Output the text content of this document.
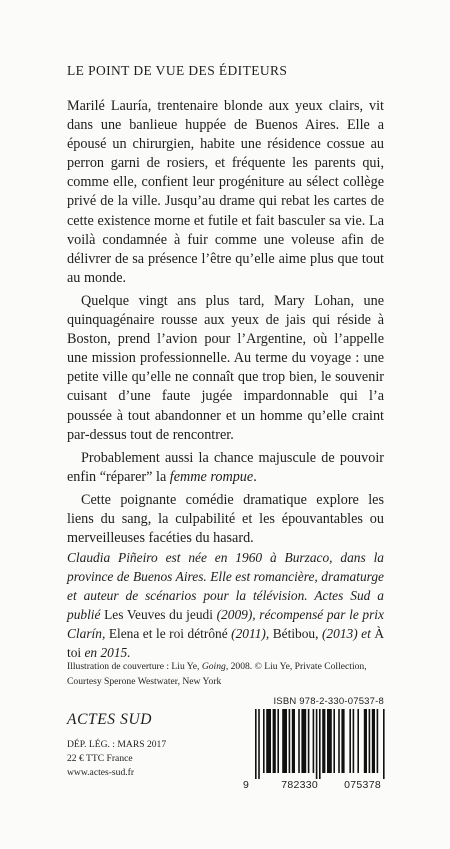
LE POINT DE VUE DES ÉDITEURS

Marilé Lauría, trentenaire blonde aux yeux clairs, vit dans une banlieue huppée de Buenos Aires. Elle a épousé un chirurgien, habite une résidence cossue au perron garni de rosiers, et fréquente les parents qui, comme elle, confient leur progéniture au sélect collège privé de la ville. Jusqu’au drame qui rebat les cartes de cette existence morne et futile et fait basculer sa vie. La voilà condamnée à fuir comme une voleuse afin de délivrer de sa présence l’être qu’elle aime plus que tout au monde.

Quelque vingt ans plus tard, Mary Lohan, une quinquagénaire rousse aux yeux de jais qui réside à Boston, prend l’avion pour l’Argentine, où l’appelle une mission professionnelle. Au terme du voyage : une petite ville qu’elle ne connaît que trop bien, le souvenir cuisant d’une faute jugée impardonnable qui l’a poussée à tout abandonner et un homme qu’elle craint par-dessus tout de rencontrer.

Probablement aussi la chance majuscule de pouvoir enfin “réparer” la femme rompue.

Cette poignante comédie dramatique explore les liens du sang, la culpabilité et les épouvantables ou merveilleuses facéties du hasard.

Claudia Piñeiro est née en 1960 à Burzaco, dans la province de Buenos Aires. Elle est romancière, dramaturge et auteur de scénarios pour la télévision. Actes Sud a publié Les Veuves du jeudi (2009), récompensé par le prix Clarín, Elena et le roi détrôné (2011), Bétibou, (2013) et À toi en 2015.
Illustration de couverture : Liu Ye, Going, 2008. © Liu Ye, Private Collection, Courtesy Sperone Westwater, New York
ISBN 978-2-330-07537-8
ACTES SUD
DÉP. LÉG. : MARS 2017
22 € TTC France
www.actes-sud.fr
9	782330 075378
